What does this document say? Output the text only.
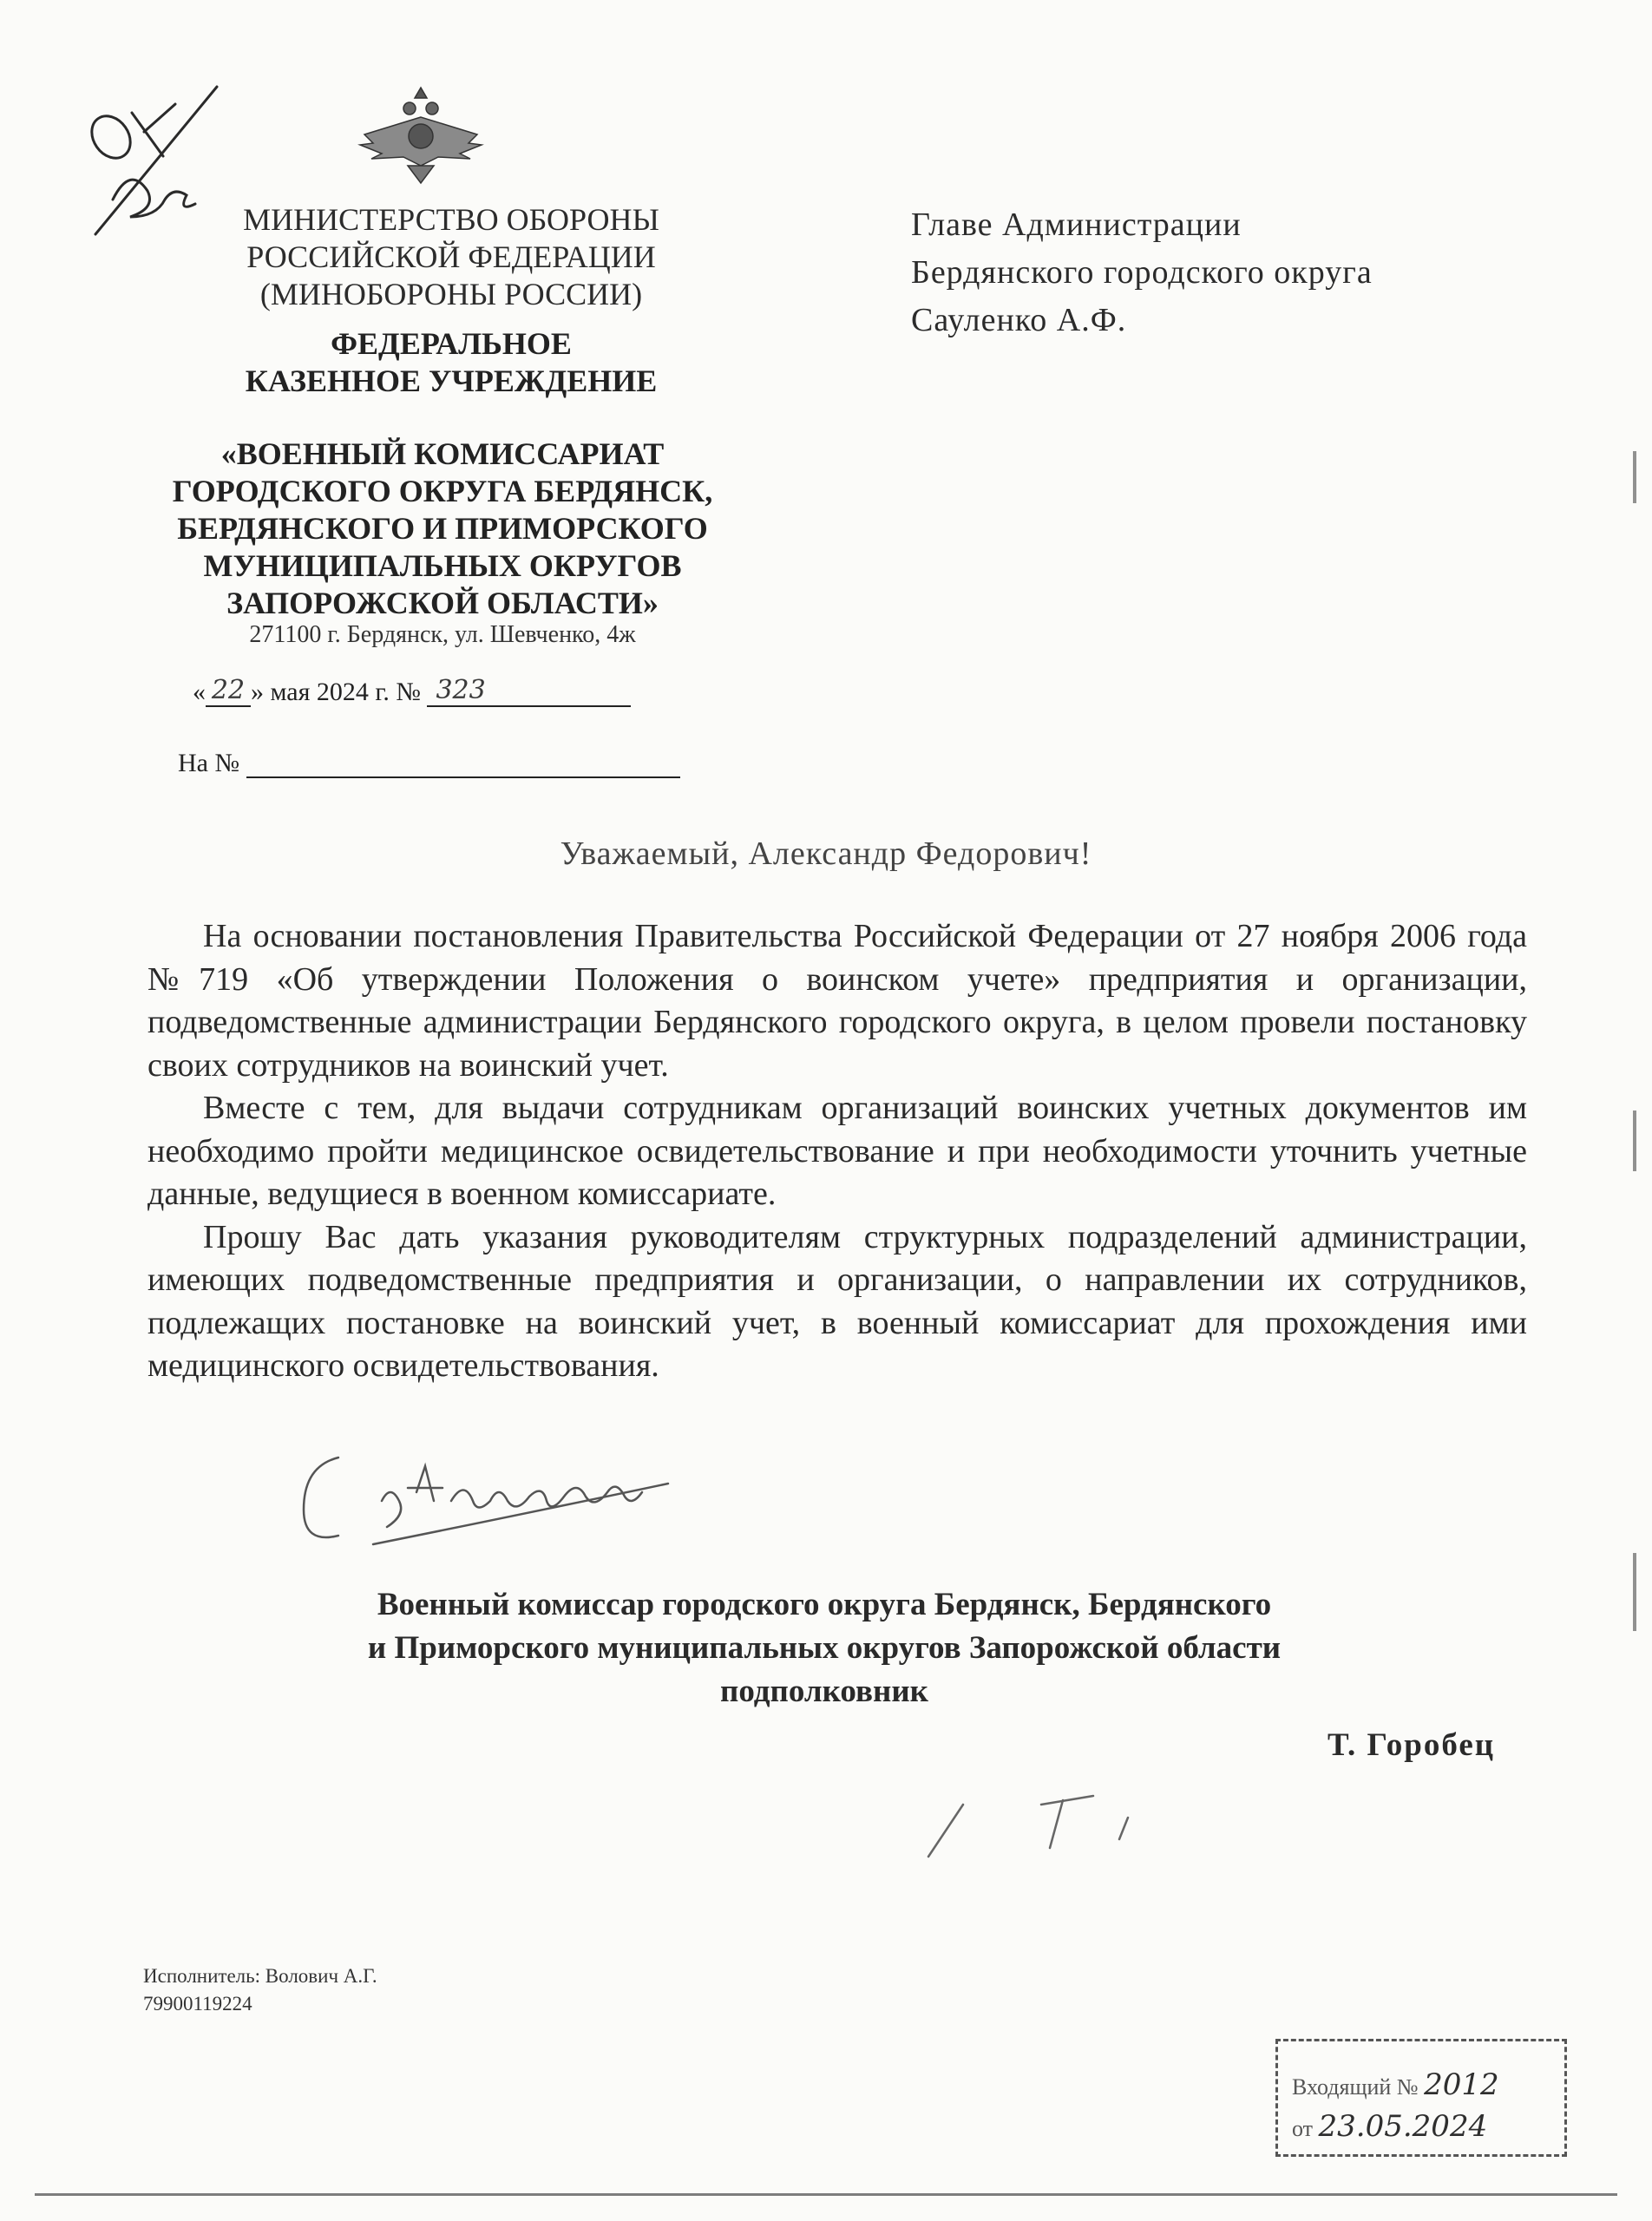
ОК
МИНИСТЕРСТВО ОБОРОНЫ
РОССИЙСКОЙ ФЕДЕРАЦИИ
(МИНОБОРОНЫ РОССИИ)
ФЕДЕРАЛЬНОЕ
КАЗЕННОЕ УЧРЕЖДЕНИЕ
«ВОЕННЫЙ КОМИССАРИАТ
ГОРОДСКОГО ОКРУГА БЕРДЯНСК,
БЕРДЯНСКОГО И ПРИМОРСКОГО
МУНИЦИПАЛЬНЫХ ОКРУГОВ
ЗАПОРОЖСКОЙ ОБЛАСТИ»
271100 г. Бердянск, ул. Шевченко, 4ж
« 22 » мая 2024 г. № 323
На №
Главе Администрации
Бердянского городского округа
Сауленко А.Ф.
Уважаемый, Александр Федорович!

На основании постановления Правительства Российской Федерации от 27 ноября 2006 года №719 «Об утверждении Положения о воинском учете» предприятия и организации, подведомственные администрации Бердянского городского округа, в целом провели постановку своих сотрудников на воинский учет.

Вместе с тем, для выдачи сотрудникам организаций воинских учетных документов им необходимо пройти медицинское освидетельствование и при необходимости уточнить учетные данные, ведущиеся в военном комиссариате.

Прошу Вас дать указания руководителям структурных подразделений администрации, имеющих подведомственные предприятия и организации, о направлении их сотрудников, подлежащих постановке на воинский учет, в военный комиссариат для прохождения ими медицинского освидетельствования.

С уважением
Военный комиссар городского округа Бердянск, Бердянского
и Приморского муниципальных округов Запорожской области
подполковник
Т. Горобец
Исполнитель: Волович А.Г.
79900119224
Входящий № 2012
от 23.05.2024
